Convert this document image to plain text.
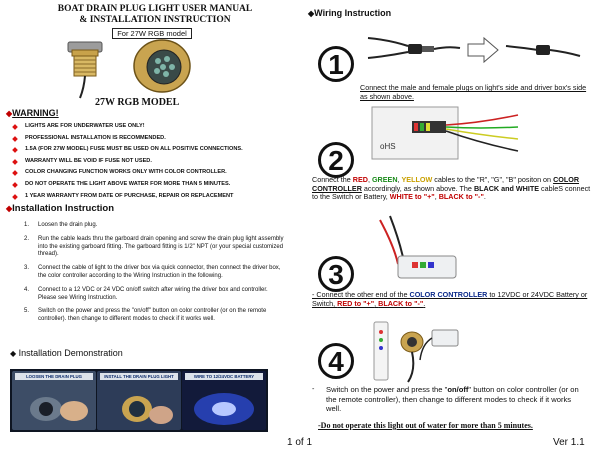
BOAT DRAIN PLUG LIGHT USER MANUAL
& INSTALLATION INSTRUCTION
For 27W RGB model
27W RGB MODEL
◆WARNING!
LIGHTS ARE FOR UNDERWATER USE ONLY!
PROFESSIONAL INSTALLATION IS RECOMMENDED.
1.5A (FOR 27W MODEL) FUSE MUST BE USED ON ALL POSITIVE CONNECTIONS.
WARRANTY WILL BE VOID IF FUSE NOT USED.
COLOR CHANGING FUNCTION WORKS ONLY WITH COLOR CONTROLLER.
DO NOT OPERATE THE LIGHT ABOVE WATER FOR MORE THAN 5 MINUTES.
1 YEAR WARRANTY FROM DATE OF PURCHASE, REPAIR OR REPLACEMENT
◆Installation Instruction
1. Loosen the drain plug.
2. Run the cable leads thru the garboard drain opening and screw the drain plug light assembly into the existing garboard fitting. The garboard fitting is 1/2" NPT (or your special customized thread).
3. Connect the cable of light to the driver box via quick connector, then connect the driver box, the color controller according to the Wiring Instruction in the following.
4. Connect to a 12 VDC or 24 VDC on/off switch after wiring the driver box and controller. Please see Wiring Instruction.
5. Switch on the power and press the "on/off" button on color controller (or on the remote controller). then change to different modes to check if it works well.
◆ Installation Demonstration
LOOSEN THE DRAIN PLUG	INSTALL THE DRAIN PLUG LIGHT	WIRE TO 12/24VDC BATTERY
1 of 1	Ver 1.1
◆Wiring Instruction
1
Connect the male and female plugs on light's side and driver box's side as shown above.
oHS
2
Connect the RED, GREEN, YELLOW cables to the "R", "G", "B" positon on COLOR CONTROLLER accordingly, as shown above. The BLACK and WHITE cableS connect to the Switch or Battery, WHITE to "+", BLACK to "-".
3
- Connect the other end of the COLOR CONTROLLER to 12VDC or 24VDC Battery or Switch, RED to "+", BLACK to "-".
4
-	Switch on the power and press the "on/off" button on color controller (or on the remote controller), then change to different modes to check if it works well.
-Do not operate this light out of water for more than 5 minutes.
